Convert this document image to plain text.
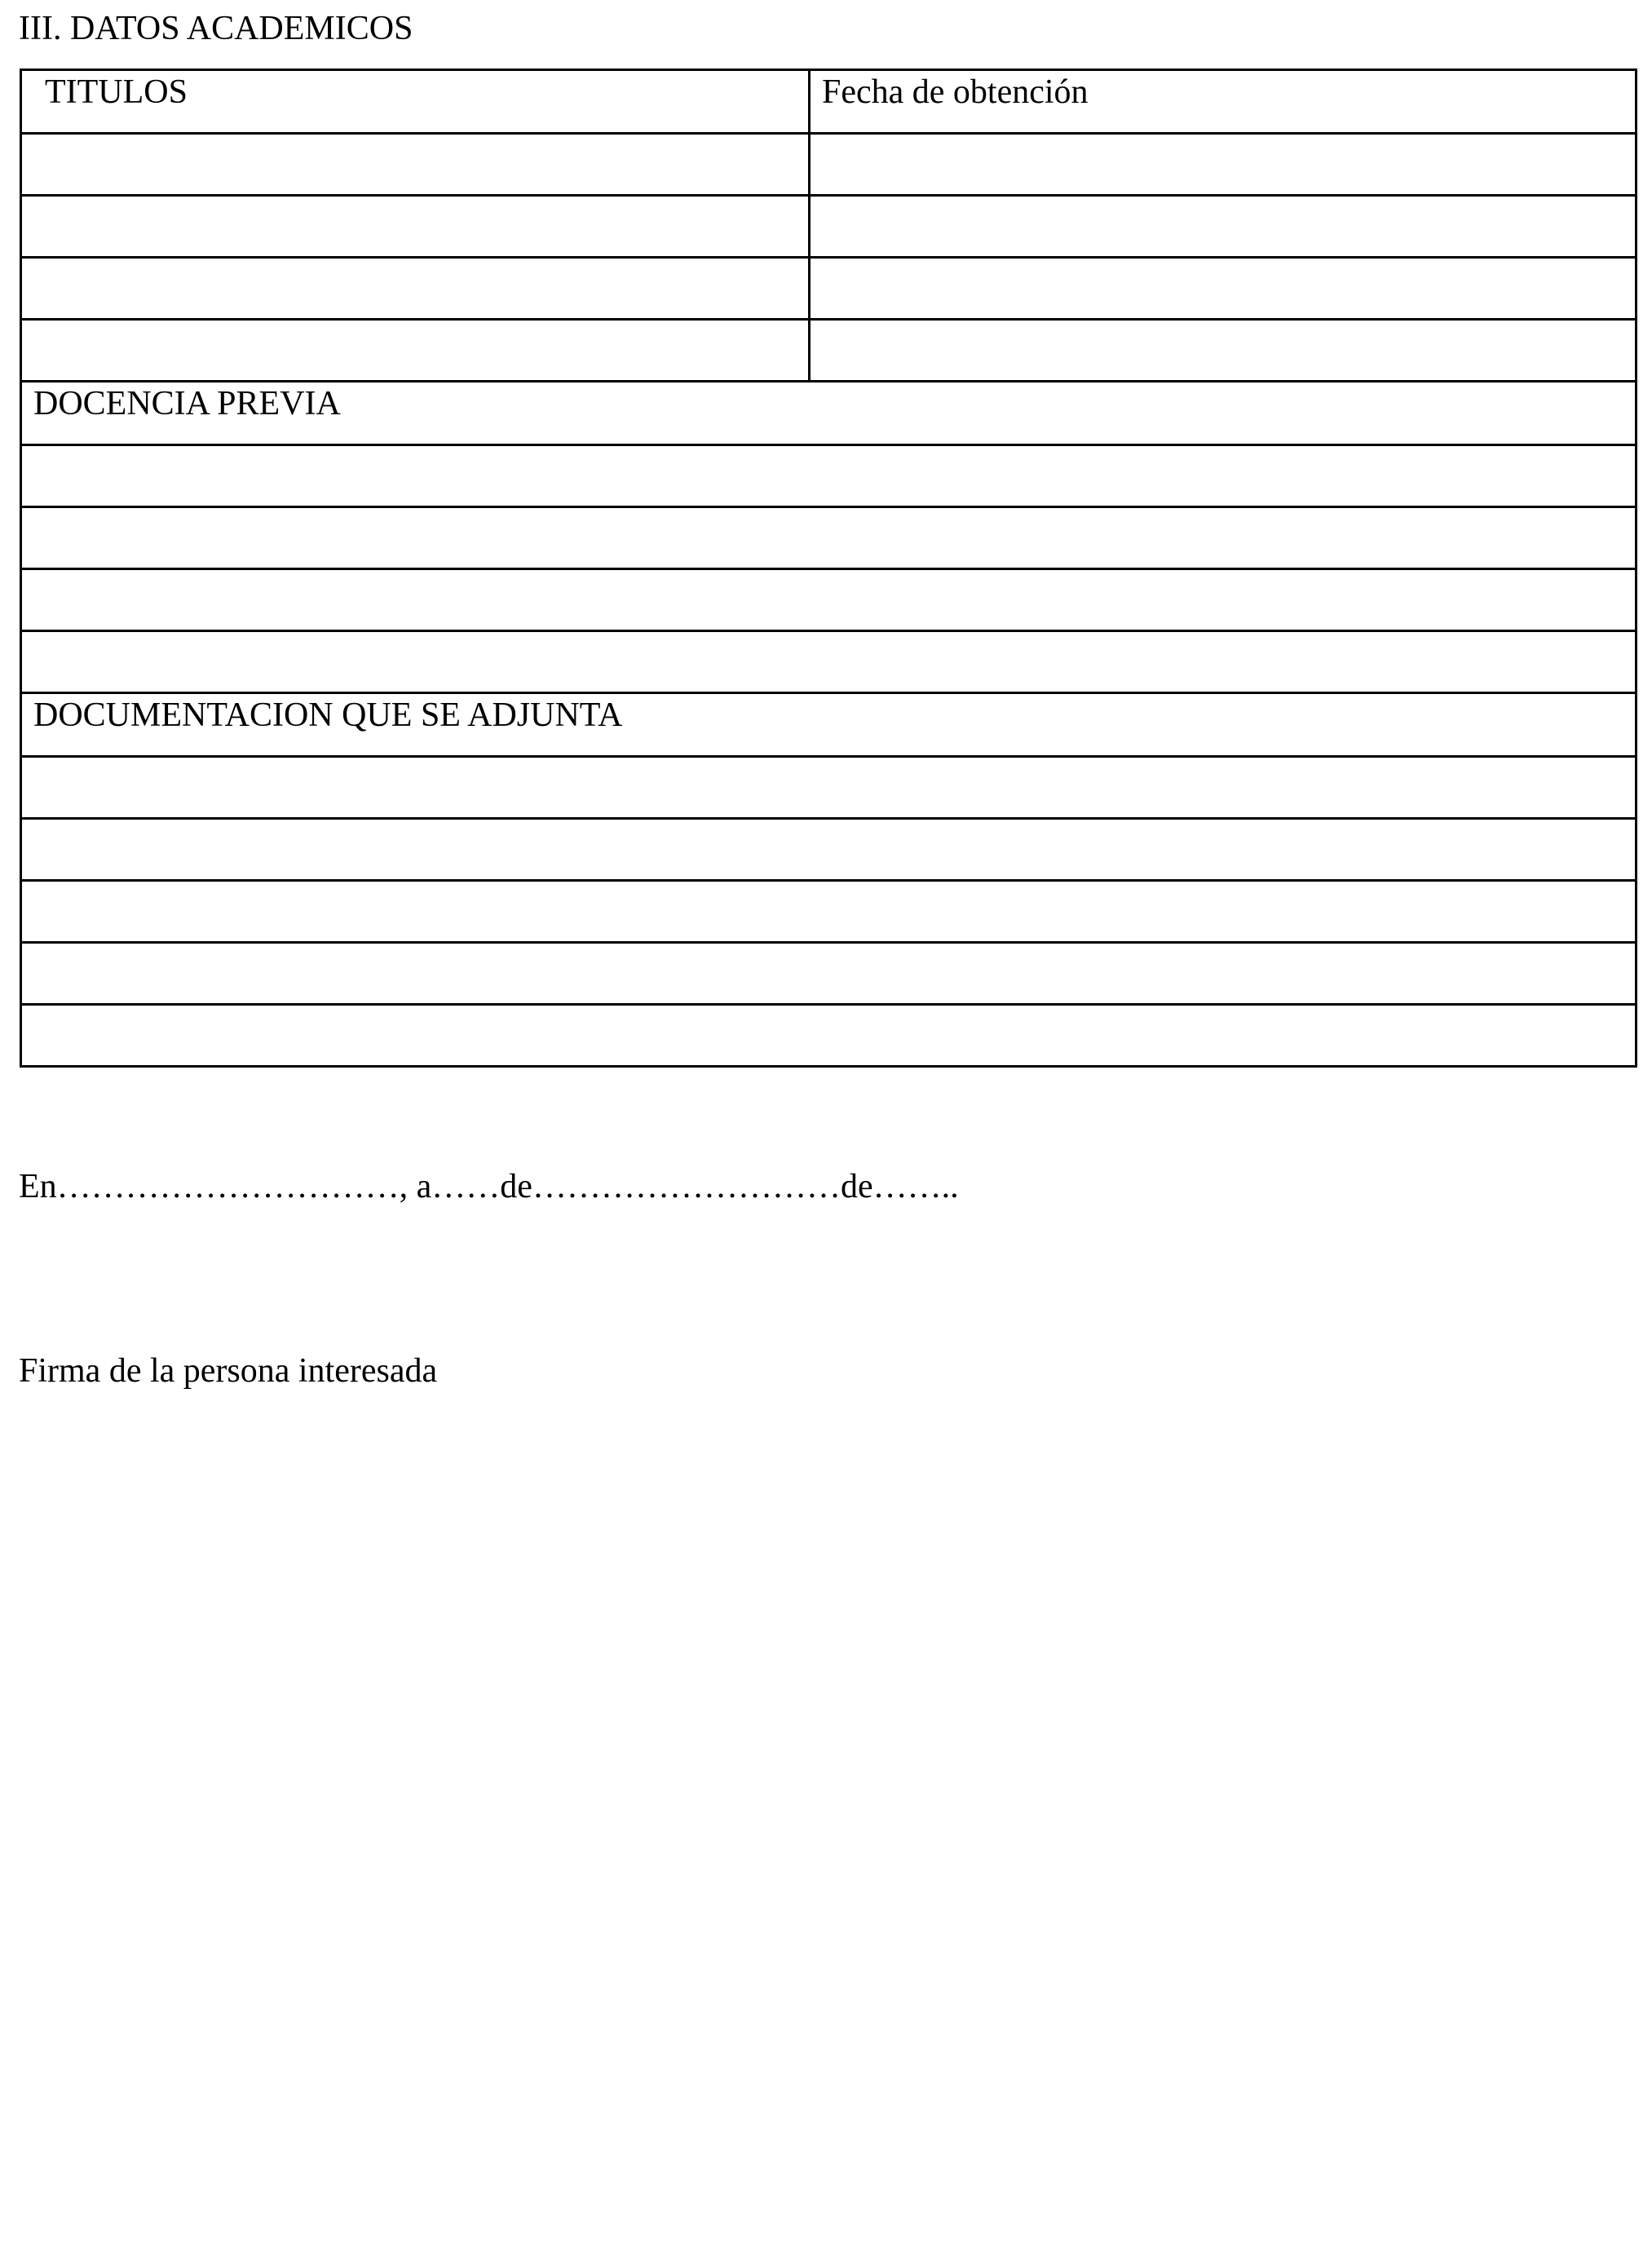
III. DATOS ACADEMICOS
TITULOS	Fecha de obtención

DOCENCIA PREVIA	

DOCUMENTACION QUE SE ADJUNTA	

En…………………………, a……de………………………de……..
Firma de la persona interesada
